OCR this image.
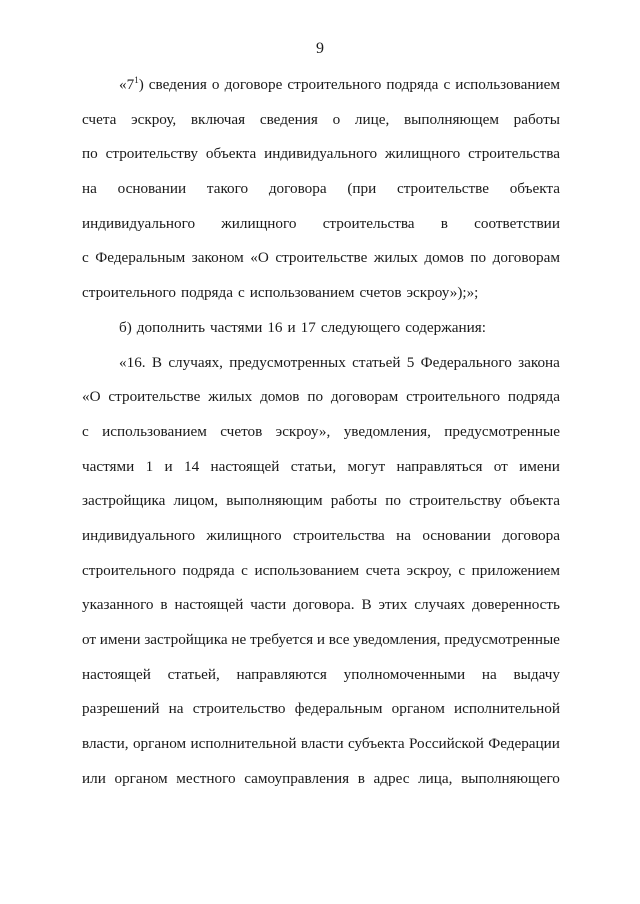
9
«$7^1$) сведения о договоре строительного подряда с использованием
счета эскроу, включая сведения о лице, выполняющем работы
по строительству объекта индивидуального жилищного строительства
на основании такого договора (при строительстве объекта
индивидуального жилищного строительства в соответствии
с Федеральным законом «О строительстве жилых домов по договорам
строительного подряда с использованием счетов эскроу»);»;
б) дополнить частями 16 и 17 следующего содержания:
«16. В случаях, предусмотренных статьей 5 Федерального закона
«О строительстве жилых домов по договорам строительного подряда
с использованием счетов эскроу», уведомления, предусмотренные
частями 1 и 14 настоящей статьи, могут направляться от имени
застройщика лицом, выполняющим работы по строительству объекта
индивидуального жилищного строительства на основании договора
строительного подряда с использованием счета эскроу, с приложением
указанного в настоящей части договора. В этих случаях доверенность
от имени застройщика не требуется и все уведомления, предусмотренные
настоящей статьей, направляются уполномоченными на выдачу
разрешений на строительство федеральным органом исполнительной
власти, органом исполнительной власти субъекта Российской Федерации
или органом местного самоуправления в адрес лица, выполняющего
